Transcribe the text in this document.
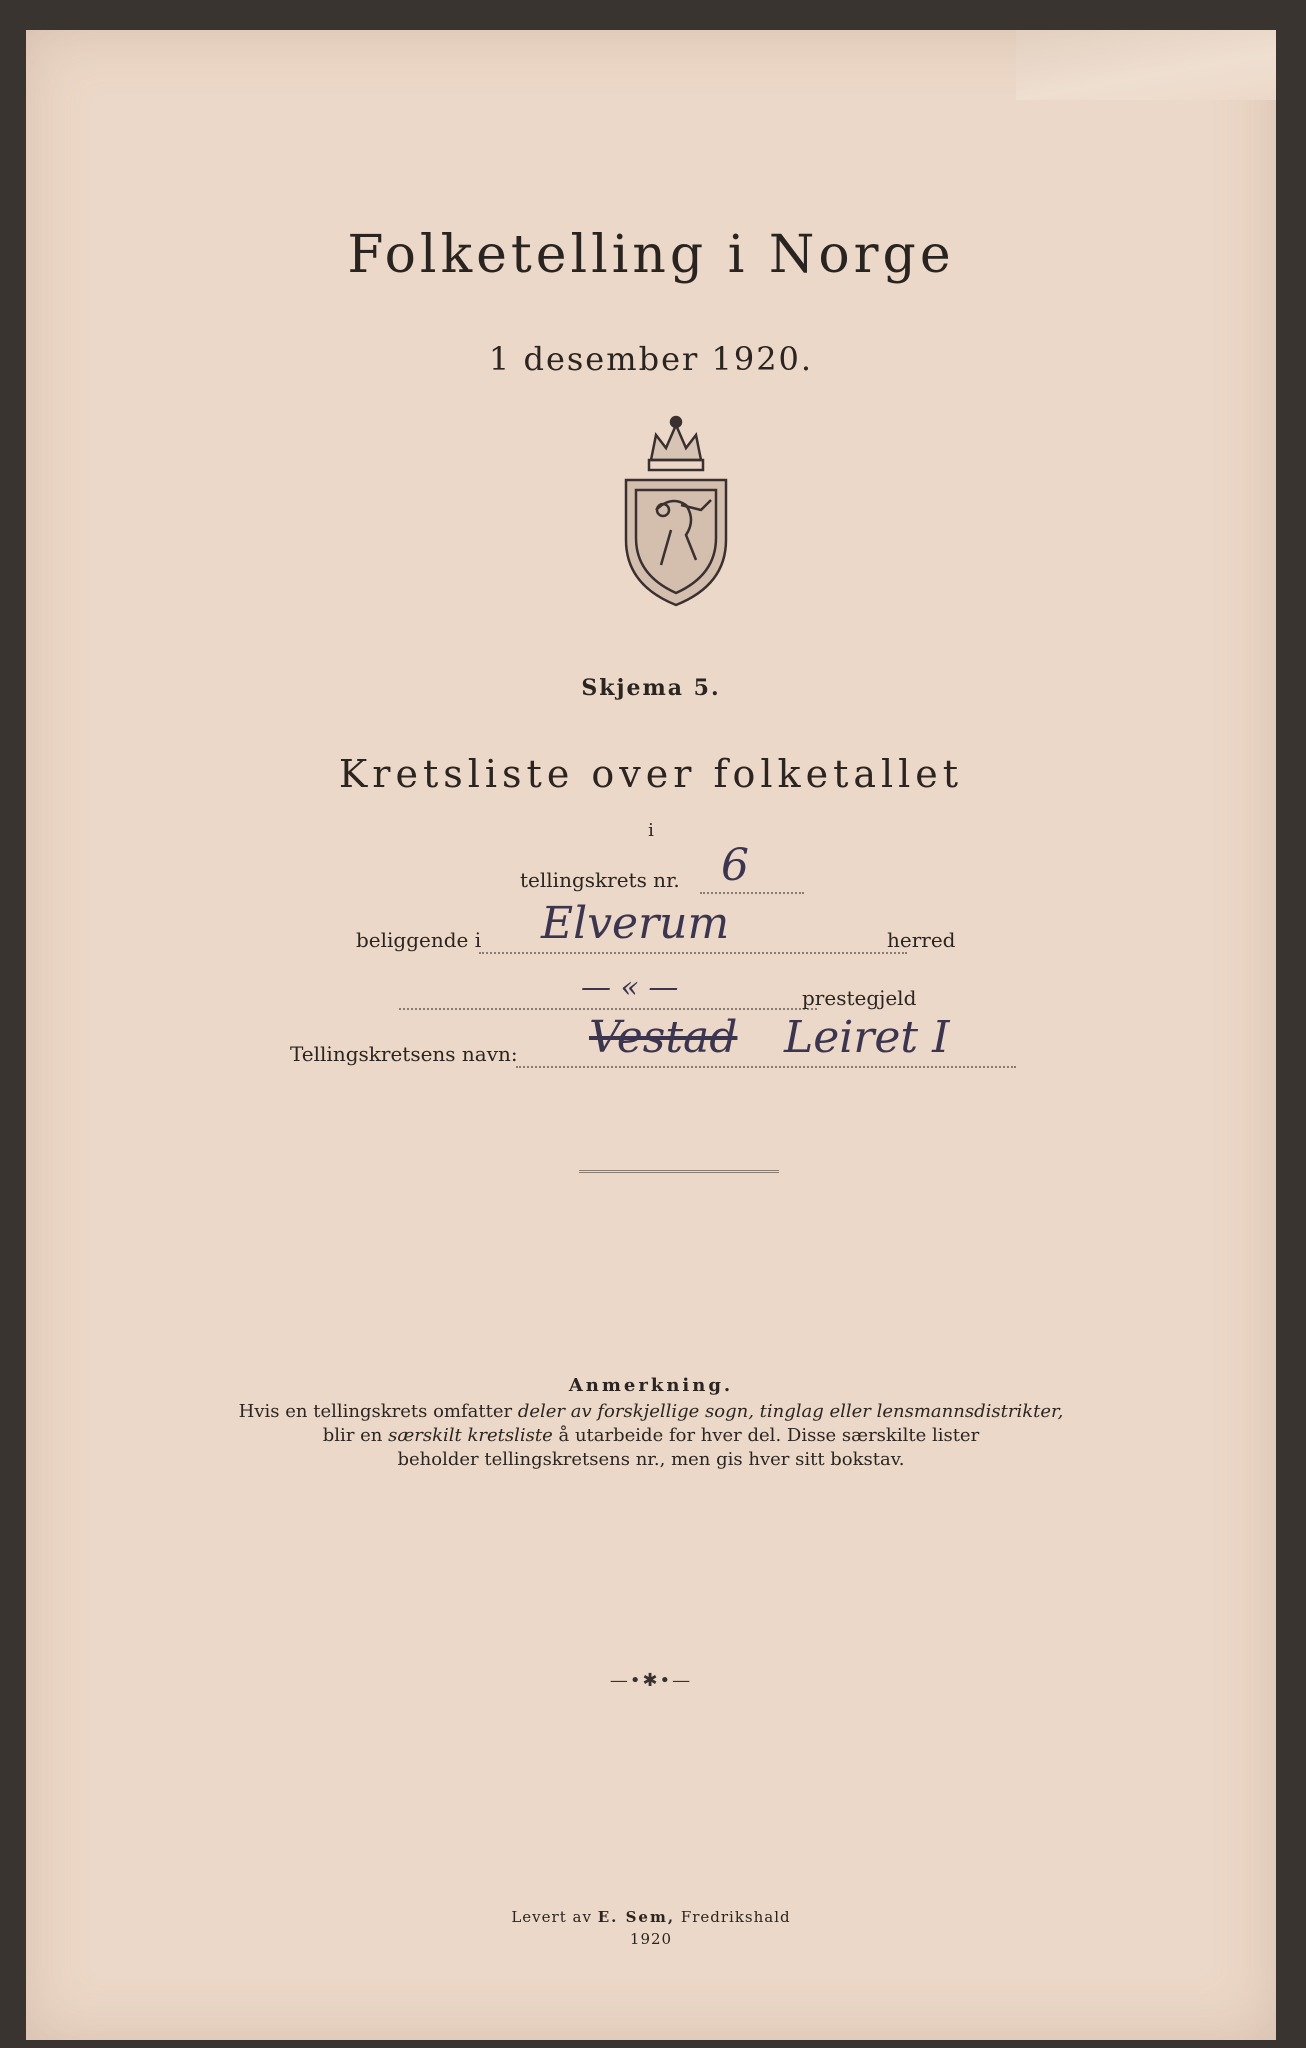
Folketelling i Norge
1 desember 1920.
Skjema 5.
Kretsliste over folketallet
i
tellingskrets nr. 6
beliggende i Elverum	herred
— « —	prestegjeld
Tellingskretsens navn: Vestad Leiret I
Anmerkning.
Hvis en tellingskrets omfatter deler av forskjellige sogn, tinglag eller lensmannsdistrikter,
blir en særskilt kretsliste å utarbeide for hver del. Disse særskilte lister
beholder tellingskretsens nr., men gis hver sitt bokstav.
—•✱•—
Levert av E. Sem, Fredrikshald
1920
